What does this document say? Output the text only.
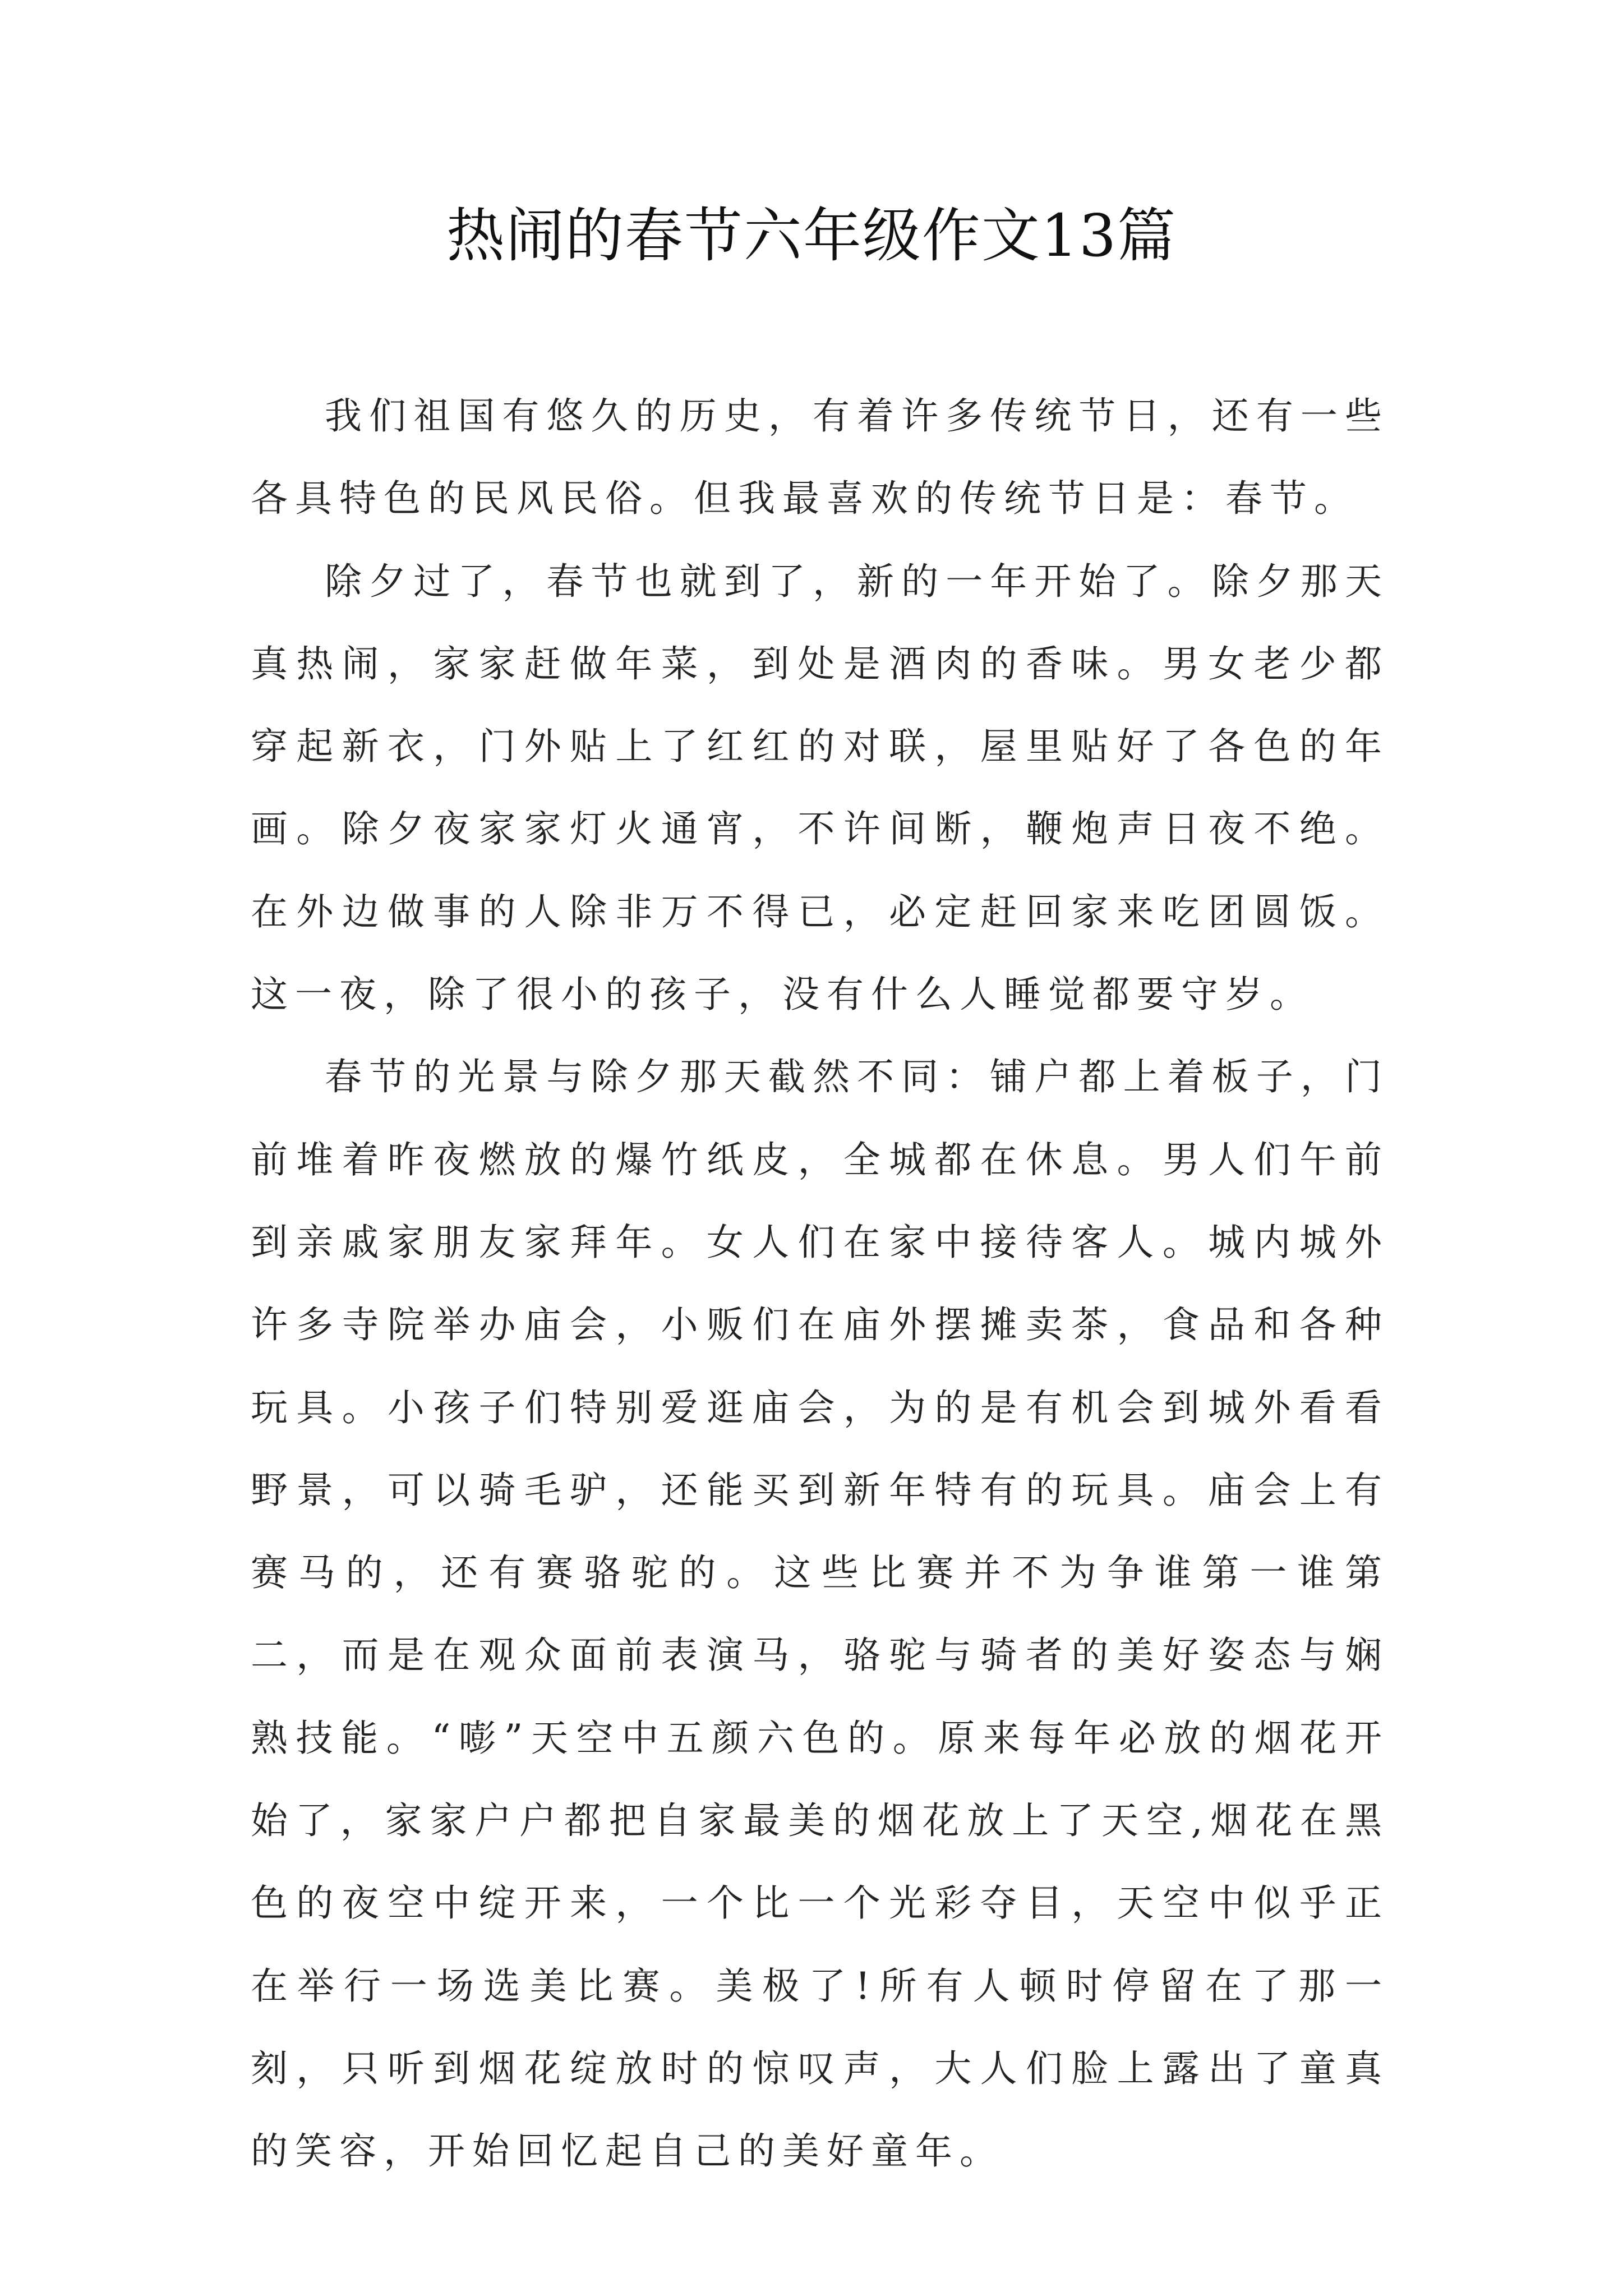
热闹的春节六年级作文13篇

我们祖国有悠久的历史，有着许多传统节日，还有一些各具特色的民风民俗。但我最喜欢的传统节日是：春节。

除夕过了，春节也就到了，新的一年开始了。除夕那天真热闹，家家赶做年菜，到处是酒肉的香味。男女老少都穿起新衣，门外贴上了红红的对联，屋里贴好了各色的年画。除夕夜家家灯火通宵，不许间断，鞭炮声日夜不绝。在外边做事的人除非万不得已，必定赶回家来吃团圆饭。这一夜，除了很小的孩子，没有什么人睡觉都要守岁。

春节的光景与除夕那天截然不同：铺户都上着板子，门前堆着昨夜燃放的爆竹纸皮，全城都在休息。男人们午前到亲戚家朋友家拜年。女人们在家中接待客人。城内城外许多寺院举办庙会，小贩们在庙外摆摊卖茶，食品和各种玩具。小孩子们特别爱逛庙会，为的是有机会到城外看看野景，可以骑毛驴，还能买到新年特有的玩具。庙会上有赛马的，还有赛骆驼的。这些比赛并不为争谁第一谁第二，而是在观众面前表演马，骆驼与骑者的美好姿态与娴熟技能。“嘭”天空中五颜六色的。原来每年必放的烟花开始了，家家户户都把自家最美的烟花放上了天空,烟花在黑色的夜空中绽开来，一个比一个光彩夺目，天空中似乎正在举行一场选美比赛。美极了!所有人顿时停留在了那一刻，只听到烟花绽放时的惊叹声，大人们脸上露出了童真的笑容，开始回忆起自己的美好童年。
